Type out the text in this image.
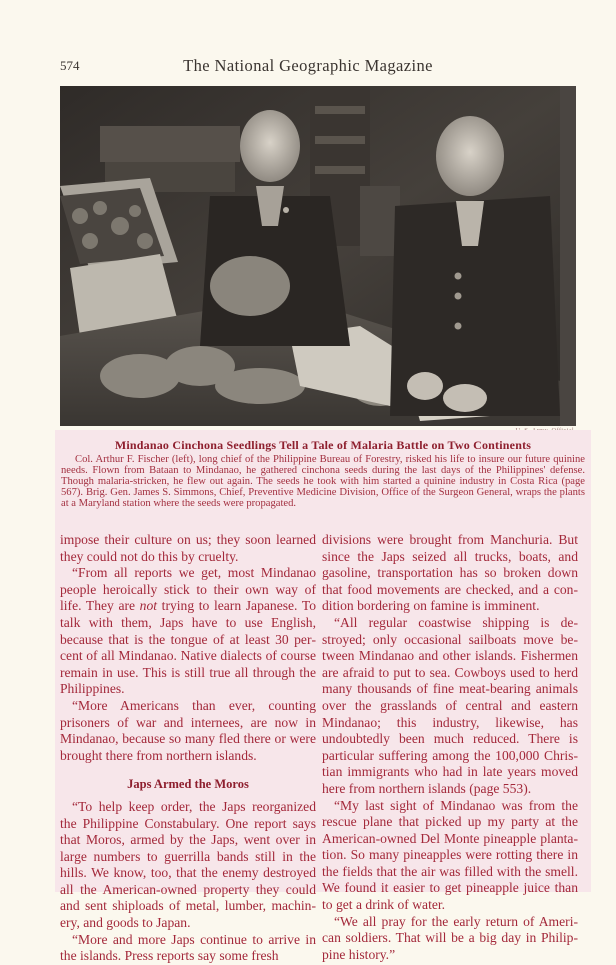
574	The National Geographic Magazine
Mindanao Cinchona Seedlings Tell a Tale of Malaria Battle on Two Continents
Col. Arthur F. Fischer (left), long chief of the Philippine Bureau of Forestry, risked his life to insure our future quinine needs. Flown from Bataan to Mindanao, he gathered cinchona seeds during the last days of the Philippines' defense. Though malaria-stricken, he flew out again. The seeds he took with him started a quinine industry in Costa Rica (page 567). Brig. Gen. James S. Simmons, Chief, Preventive Medicine Division, Office of the Surgeon General, wraps the plants at a Maryland station where the seeds were propagated.

impose their culture on us; they soon learned they could not do this by cruelty.

“From all reports we get, most Mindanao people heroically stick to their own way of life. They are not trying to learn Japanese. To talk with them, Japs have to use English, because that is the tongue of at least 30 percent of all Mindanao. Native dialects of course remain in use. This is still true all through the Philippines.

“More Americans than ever, counting prisoners of war and internees, are now in Mindanao, because so many fled there or were brought there from northern islands.

Japs Armed the Moros

“To help keep order, the Japs reorganized the Philippine Constabulary. One report says that Moros, armed by the Japs, went over in large numbers to guerrilla bands still in the hills. We know, too, that the enemy destroyed all the American-owned property they could and sent shiploads of metal, lumber, machinery, and goods to Japan.

“More and more Japs continue to arrive in the islands. Press reports say some fresh

divisions were brought from Manchuria. But since the Japs seized all trucks, boats, and gasoline, transportation has so broken down that food movements are checked, and a condition bordering on famine is imminent.

“All regular coastwise shipping is destroyed; only occasional sailboats move between Mindanao and other islands. Fishermen are afraid to put to sea. Cowboys used to herd many thousands of fine meat-bearing animals over the grasslands of central and eastern Mindanao; this industry, likewise, has undoubtedly been much reduced. There is particular suffering among the 100,000 Christian immigrants who had in late years moved here from northern islands (page 553).

“My last sight of Mindanao was from the rescue plane that picked up my party at the American-owned Del Monte pineapple plantation. So many pineapples were rotting there in the fields that the air was filled with the smell. We found it easier to get pineapple juice than to get a drink of water.

“We all pray for the early return of American soldiers. That will be a big day in Philippine history.”
